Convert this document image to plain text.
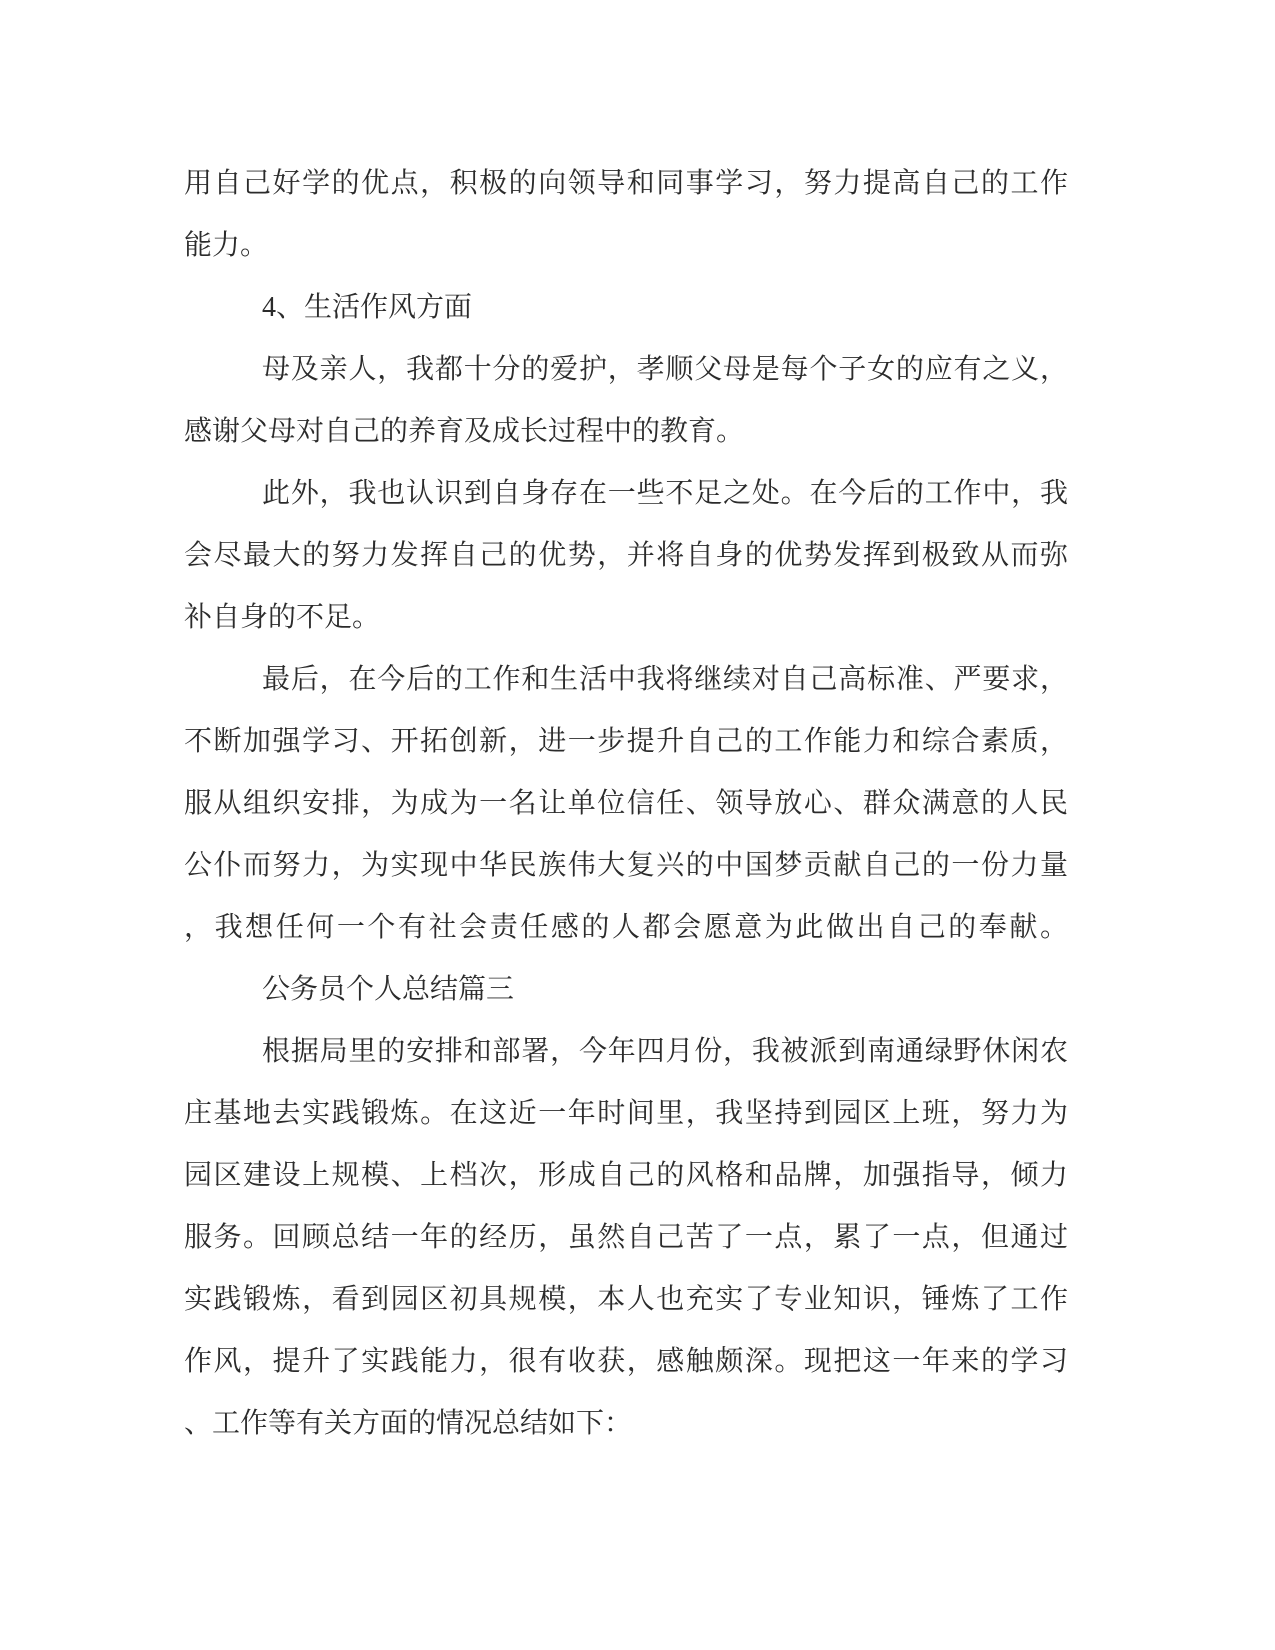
用自己好学的优点，积极的向领导和同事学习，努力提高自己的工作
能力。
4、生活作风方面
母及亲人，我都十分的爱护，孝顺父母是每个子女的应有之义，
感谢父母对自己的养育及成长过程中的教育。
此外，我也认识到自身存在一些不足之处。在今后的工作中，我
会尽最大的努力发挥自己的优势，并将自身的优势发挥到极致从而弥
补自身的不足。
最后，在今后的工作和生活中我将继续对自己高标准、严要求，
不断加强学习、开拓创新，进一步提升自己的工作能力和综合素质，
服从组织安排，为成为一名让单位信任、领导放心、群众满意的人民
公仆而努力，为实现中华民族伟大复兴的中国梦贡献自己的一份力量
，我想任何一个有社会责任感的人都会愿意为此做出自己的奉献。
公务员个人总结篇三
根据局里的安排和部署，今年四月份，我被派到南通绿野休闲农
庄基地去实践锻炼。在这近一年时间里，我坚持到园区上班，努力为
园区建设上规模、上档次，形成自己的风格和品牌，加强指导，倾力
服务。回顾总结一年的经历，虽然自己苦了一点，累了一点，但通过
实践锻炼，看到园区初具规模，本人也充实了专业知识，锤炼了工作
作风，提升了实践能力，很有收获，感触颇深。现把这一年来的学习
、工作等有关方面的情况总结如下：
